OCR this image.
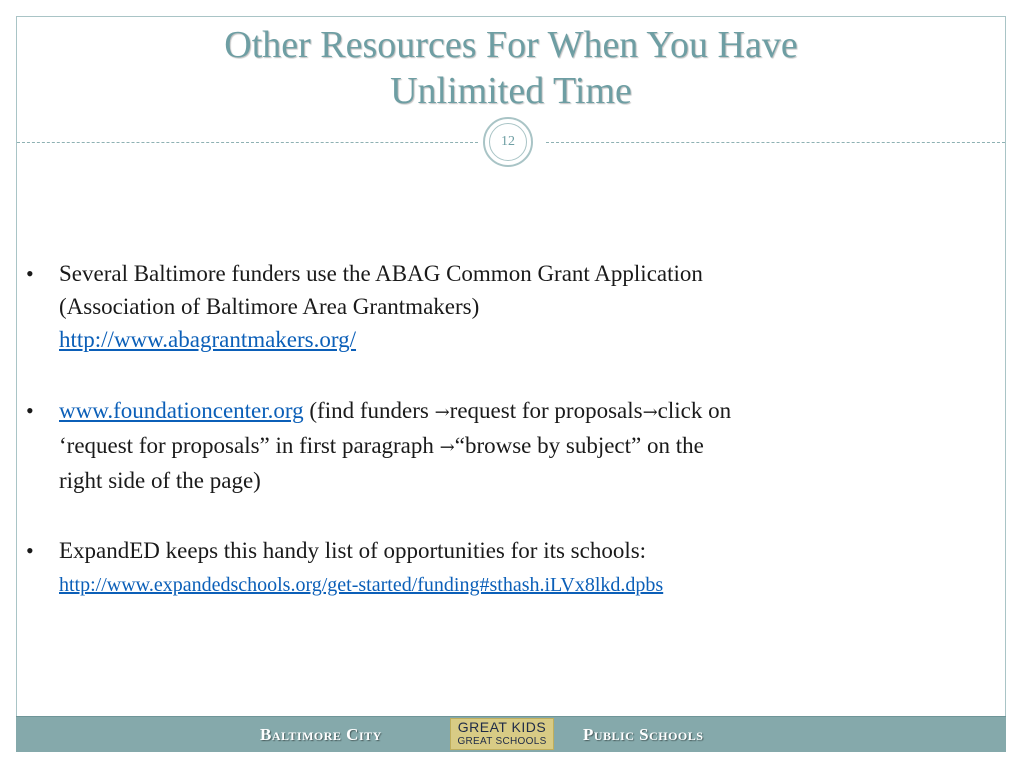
Other Resources For When You Have
Unlimited Time
12
• Several Baltimore funders use the ABAG Common Grant Application
(Association of Baltimore Area Grantmakers)
http://www.abagrantmakers.org/
• www.foundationcenter.org (find funders →request for proposals→click on
‘request for proposals” in first paragraph →“browse by subject” on the
right side of the page)
• ExpandED keeps this handy list of opportunities for its schools:
http://www.expandedschools.org/get-started/funding#sthash.iLVx8lkd.dpbs
Baltimore City	GREAT KIDS
GREAT SCHOOLS	Public Schools
